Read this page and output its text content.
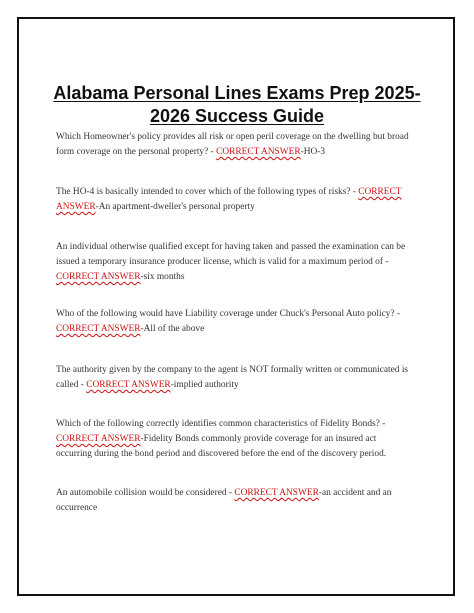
Alabama Personal Lines Exams Prep 2025-
2026 Success Guide
Which Homeowner's policy provides all risk or open peril coverage on the dwelling but broad form coverage on the personal property? - CORRECT ANSWER-HO-3
The HO-4 is basically intended to cover which of the following types of risks? - CORRECT ANSWER-An apartment-dweller's personal property
An individual otherwise qualified except for having taken and passed the examination can be issued a temporary insurance producer license, which is valid for a maximum period of - CORRECT ANSWER-six months
Who of the following would have Liability coverage under Chuck's Personal Auto policy? - CORRECT ANSWER-All of the above
The authority given by the company to the agent is NOT formally written or communicated is called - CORRECT ANSWER-implied authority
Which of the following correctly identifies common characteristics of Fidelity Bonds? - CORRECT ANSWER-Fidelity Bonds commonly provide coverage for an insured act occurring during the bond period and discovered before the end of the discovery period.
An automobile collision would be considered - CORRECT ANSWER-an accident and an occurrence
